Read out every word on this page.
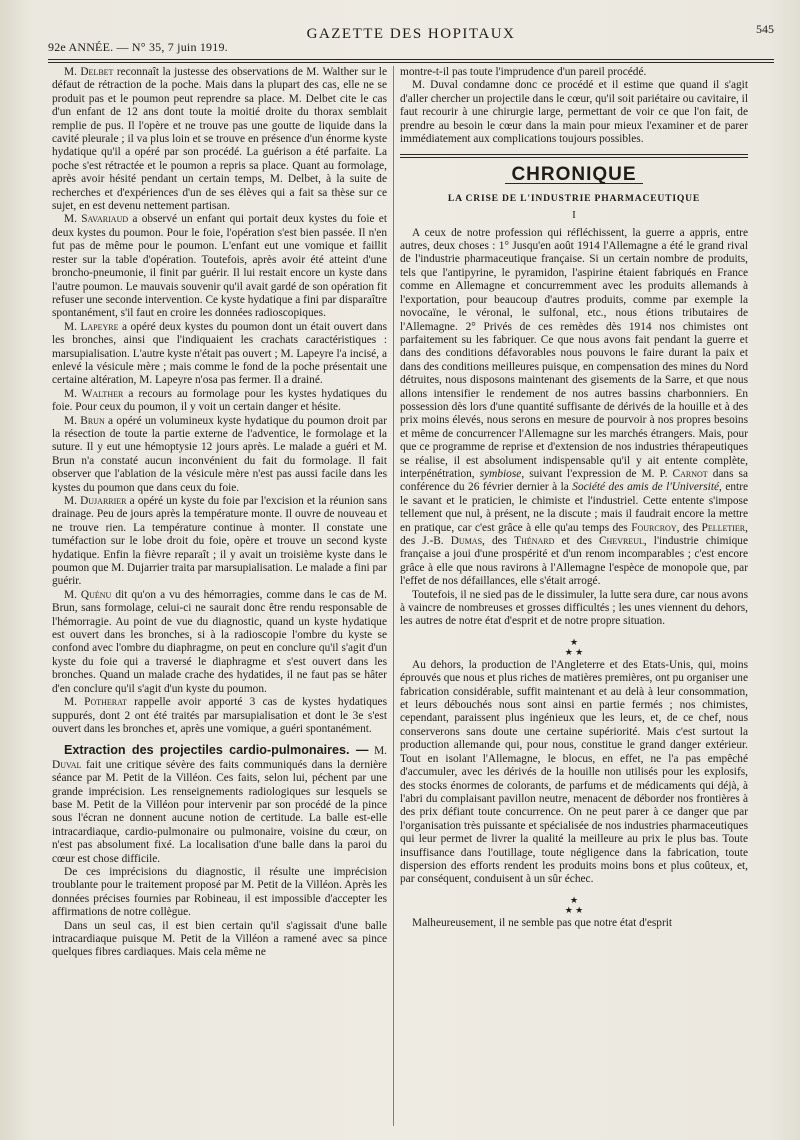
92e ANNÉE. — N° 35, 7 juin 1919.
GAZETTE DES HOPITAUX	545

M. Delbet reconnaît la justesse des observations de M. Walther sur le défaut de rétraction de la poche. Mais dans la plupart des cas, elle ne se produit pas et le poumon peut reprendre sa place. M. Delbet cite le cas d'un enfant de 12 ans dont toute la moitié droite du thorax semblait remplie de pus. Il l'opère et ne trouve pas une goutte de liquide dans la cavité pleurale ; il va plus loin et se trouve en présence d'un énorme kyste hydatique qu'il a opéré par son procédé. La guérison a été parfaite. La poche s'est rétractée et le poumon a repris sa place. Quant au formolage, après avoir hésité pendant un certain temps, M. Delbet, à la suite de recherches et d'expériences d'un de ses élèves qui a fait sa thèse sur ce sujet, en est devenu nettement partisan.

M. Savariaud a observé un enfant qui portait deux kystes du foie et deux kystes du poumon. Pour le foie, l'opération s'est bien passée. Il n'en fut pas de même pour le poumon. L'enfant eut une vomique et faillit rester sur la table d'opération. Toutefois, après avoir été atteint d'une broncho-pneumonie, il finit par guérir. Il lui restait encore un kyste dans l'autre poumon. Le mauvais souvenir qu'il avait gardé de son opération fit refuser une seconde intervention. Ce kyste hydatique a fini par disparaître spontanément, s'il faut en croire les données radioscopiques.

M. Lapeyre a opéré deux kystes du poumon dont un était ouvert dans les bronches, ainsi que l'indiquaient les crachats caractéristiques : marsupialisation. L'autre kyste n'était pas ouvert ; M. Lapeyre l'a incisé, a enlevé la vésicule mère ; mais comme le fond de la poche présentait une certaine altération, M. Lapeyre n'osa pas fermer. Il a drainé.

M. Walther a recours au formolage pour les kystes hydatiques du foie. Pour ceux du poumon, il y voit un certain danger et hésite.

M. Brun a opéré un volumineux kyste hydatique du poumon droit par la résection de toute la partie externe de l'adventice, le formolage et la suture. Il y eut une hémoptysie 12 jours après. Le malade a guéri et M. Brun n'a constaté aucun inconvénient du fait du formolage. Il fait observer que l'ablation de la vésicule mère n'est pas aussi facile dans les kystes du poumon que dans ceux du foie.

M. Dujarrier a opéré un kyste du foie par l'excision et la réunion sans drainage. Peu de jours après la température monte. Il ouvre de nouveau et ne trouve rien. La température continue à monter. Il constate une tuméfaction sur le lobe droit du foie, opère et trouve un second kyste hydatique. Enfin la fièvre reparaît ; il y avait un troisième kyste dans le poumon que M. Dujarrier traita par marsupialisation. Le malade a fini par guérir.

M. Quénu dit qu'on a vu des hémorragies, comme dans le cas de M. Brun, sans formolage, celui-ci ne saurait donc être rendu responsable de l'hémorragie. Au point de vue du diagnostic, quand un kyste hydatique est ouvert dans les bronches, si à la radioscopie l'ombre du kyste se confond avec l'ombre du diaphragme, on peut en conclure qu'il s'agit d'un kyste du foie qui a traversé le diaphragme et s'est ouvert dans les bronches. Quand un malade crache des hydatides, il ne faut pas se hâter d'en conclure qu'il s'agit d'un kyste du poumon.

M. Potherat rappelle avoir apporté 3 cas de kystes hydatiques suppurés, dont 2 ont été traités par marsupialisation et dont le 3e s'est ouvert dans les bronches et, après une vomique, a guéri spontanément.

Extraction des projectiles cardio-pulmonaires. — M. Duval fait une critique sévère des faits communiqués dans la dernière séance par M. Petit de la Villéon. Ces faits, selon lui, péchent par une grande imprécision. Les renseignements radiologiques sur lesquels se base M. Petit de la Villéon pour intervenir par son procédé de la pince sous l'écran ne donnent aucune notion de certitude. La balle est-elle intracardiaque, cardio-pulmonaire ou pulmonaire, voisine du cœur, on n'est pas absolument fixé. La localisation d'une balle dans la paroi du cœur est chose difficile.

De ces imprécisions du diagnostic, il résulte une imprécision troublante pour le traitement proposé par M. Petit de la Villéon. Après les données précises fournies par Robineau, il est impossible d'accepter les affirmations de notre collègue.

Dans un seul cas, il est bien certain qu'il s'agissait d'une balle intracardiaque puisque M. Petit de la Villéon a ramené avec sa pince quelques fibres cardiaques. Mais cela même ne

montre-t-il pas toute l'imprudence d'un pareil procédé.

M. Duval condamne donc ce procédé et il estime que quand il s'agit d'aller chercher un projectile dans le cœur, qu'il soit pariétaire ou cavitaire, il faut recourir à une chirurgie large, permettant de voir ce que l'on fait, de prendre au besoin le cœur dans la main pour mieux l'examiner et de parer immédiatement aux complications toujours possibles.

CHRONIQUE
LA CRISE DE L'INDUSTRIE PHARMACEUTIQUE
I

A ceux de notre profession qui réfléchissent, la guerre a appris, entre autres, deux choses : 1° Jusqu'en août 1914 l'Allemagne a été le grand rival de l'industrie pharmaceutique française. Si un certain nombre de produits, tels que l'antipyrine, le pyramidon, l'aspirine étaient fabriqués en France comme en Allemagne et concurremment avec les produits allemands à l'exportation, pour beaucoup d'autres produits, comme par exemple la novocaïne, le véronal, le sulfonal, etc., nous étions tributaires de l'Allemagne. 2° Privés de ces remèdes dès 1914 nos chimistes ont parfaitement su les fabriquer. Ce que nous avons fait pendant la guerre et dans des conditions défavorables nous pouvons le faire durant la paix et dans des conditions meilleures puisque, en compensation des mines du Nord détruites, nous disposons maintenant des gisements de la Sarre, et que nous allons intensifier le rendement de nos autres bassins charbonniers. En possession dès lors d'une quantité suffisante de dérivés de la houille et à des prix moins élevés, nous serons en mesure de pourvoir à nos propres besoins et même de concurrencer l'Allemagne sur les marchés étrangers. Mais, pour que ce programme de reprise et d'extension de nos industries thérapeutiques se réalise, il est absolument indispensable qu'il y ait entente complète, interpénétration, symbiose, suivant l'expression de M. P. Carnot dans sa conférence du 26 février dernier à la Société des amis de l'Université, entre le savant et le praticien, le chimiste et l'industriel. Cette entente s'impose tellement que nul, à présent, ne la discute ; mais il faudrait encore la mettre en pratique, car c'est grâce à elle qu'au temps des Fourcroy, des Pelletier, des J.-B. Dumas, des Thénard et des Chevreul, l'industrie chimique française a joui d'une prospérité et d'un renom incomparables ; c'est encore grâce à elle que nous ravirons à l'Allemagne l'espèce de monopole que, par l'effet de nos défaillances, elle s'était arrogé.

Toutefois, il ne sied pas de le dissimuler, la lutte sera dure, car nous avons à vaincre de nombreuses et grosses difficultés ; les unes viennent du dehors, les autres de notre état d'esprit et de notre propre situation.

★
★ ★

Au dehors, la production de l'Angleterre et des Etats-Unis, qui, moins éprouvés que nous et plus riches de matières premières, ont pu organiser une fabrication considérable, suffit maintenant et au delà à leur consommation, et leurs débouchés nous sont ainsi en partie fermés ; nos chimistes, cependant, paraissent plus ingénieux que les leurs, et, de ce chef, nous conserverons sans doute une certaine supériorité. Mais c'est surtout la production allemande qui, pour nous, constitue le grand danger extérieur. Tout en isolant l'Allemagne, le blocus, en effet, ne l'a pas empêché d'accumuler, avec les dérivés de la houille non utilisés pour les explosifs, des stocks énormes de colorants, de parfums et de médicaments qui déjà, à l'abri du complaisant pavillon neutre, menacent de déborder nos frontières à des prix défiant toute concurrence. On ne peut parer à ce danger que par l'organisation très puissante et spécialisée de nos industries pharmaceutiques qui leur permet de livrer la qualité la meilleure au prix le plus bas. Toute insuffisance dans l'outillage, toute négligence dans la fabrication, toute dispersion des efforts rendent les produits moins bons et plus coûteux, et, par conséquent, conduisent à un sûr échec.

★
★ ★

Malheureusement, il ne semble pas que notre état d'esprit
